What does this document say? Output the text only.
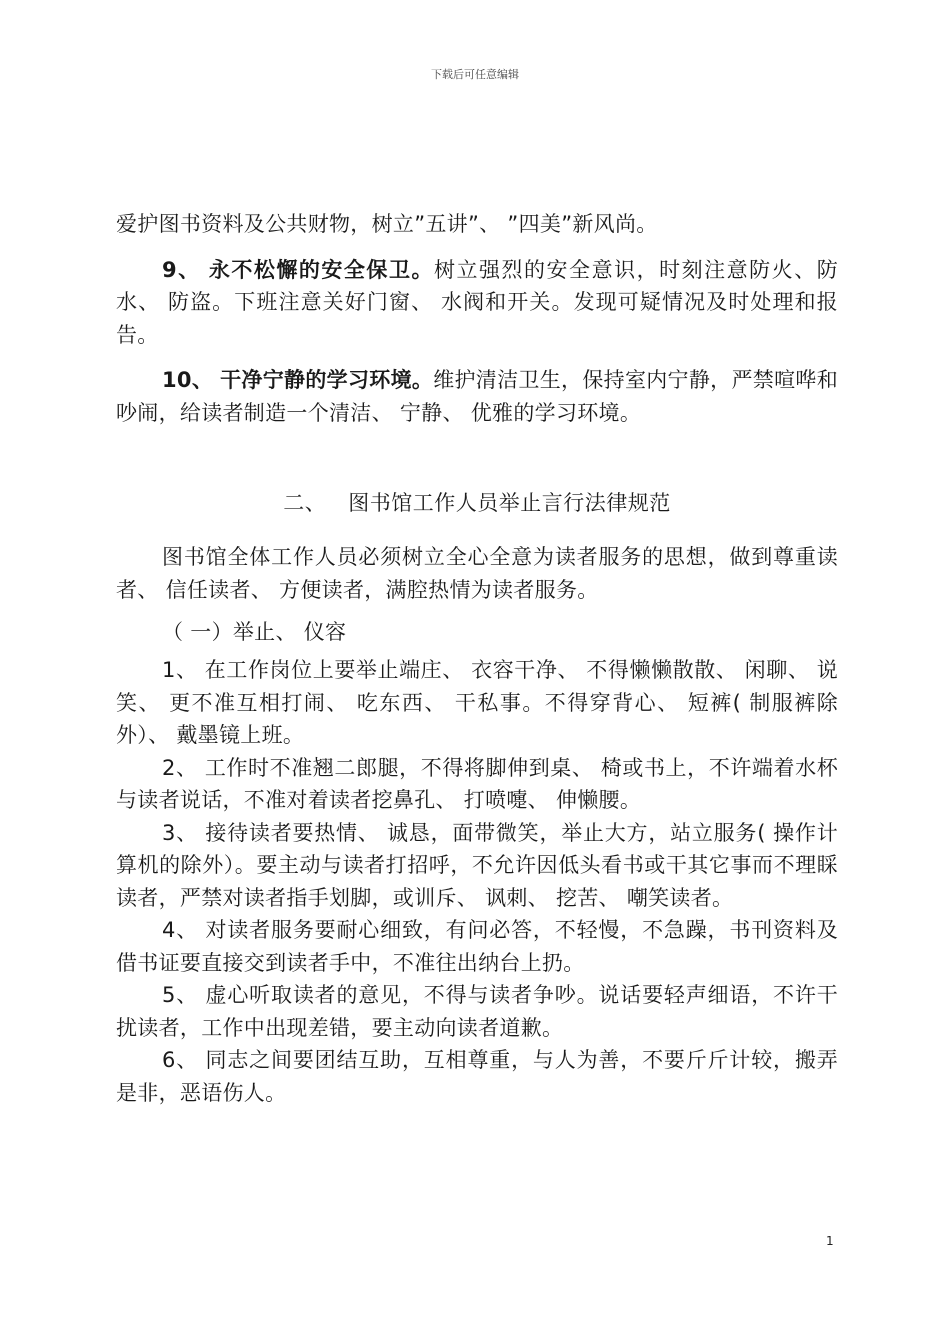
下载后可任意编辑

爱护图书资料及公共财物，树立”五讲”、 ”四美”新风尚。

9、 永不松懈的安全保卫。树立强烈的安全意识，时刻注意防火、防水、 防盗。下班注意关好门窗、 水阀和开关。发现可疑情况及时处理和报告。

10、 干净宁静的学习环境。维护清洁卫生，保持室内宁静，严禁喧哗和吵闹，给读者制造一个清洁、 宁静、 优雅的学习环境。

二、 图书馆工作人员举止言行法律规范

图书馆全体工作人员必须树立全心全意为读者服务的思想，做到尊重读者、 信任读者、 方便读者，满腔热情为读者服务。

（ 一）举止、 仪容

1、 在工作岗位上要举止端庄、 衣容干净、 不得懒懒散散、 闲聊、 说笑、 更不准互相打闹、 吃东西、 干私事。不得穿背心、 短裤( 制服裤除外）、 戴墨镜上班。

2、 工作时不准翘二郎腿，不得将脚伸到桌、 椅或书上，不许端着水杯与读者说话，不准对着读者挖鼻孔、 打喷嚏、 伸懒腰。

3、 接待读者要热情、 诚恳，面带微笑，举止大方，站立服务( 操作计算机的除外）。要主动与读者打招呼，不允许因低头看书或干其它事而不理睬读者，严禁对读者指手划脚，或训斥、 讽刺、 挖苦、 嘲笑读者。

4、 对读者服务要耐心细致，有问必答，不轻慢，不急躁，书刊资料及借书证要直接交到读者手中，不准往出纳台上扔。

5、 虚心听取读者的意见，不得与读者争吵。说话要轻声细语，不许干扰读者，工作中出现差错，要主动向读者道歉。

6、 同志之间要团结互助，互相尊重，与人为善，不要斤斤计较，搬弄是非，恶语伤人。

1
